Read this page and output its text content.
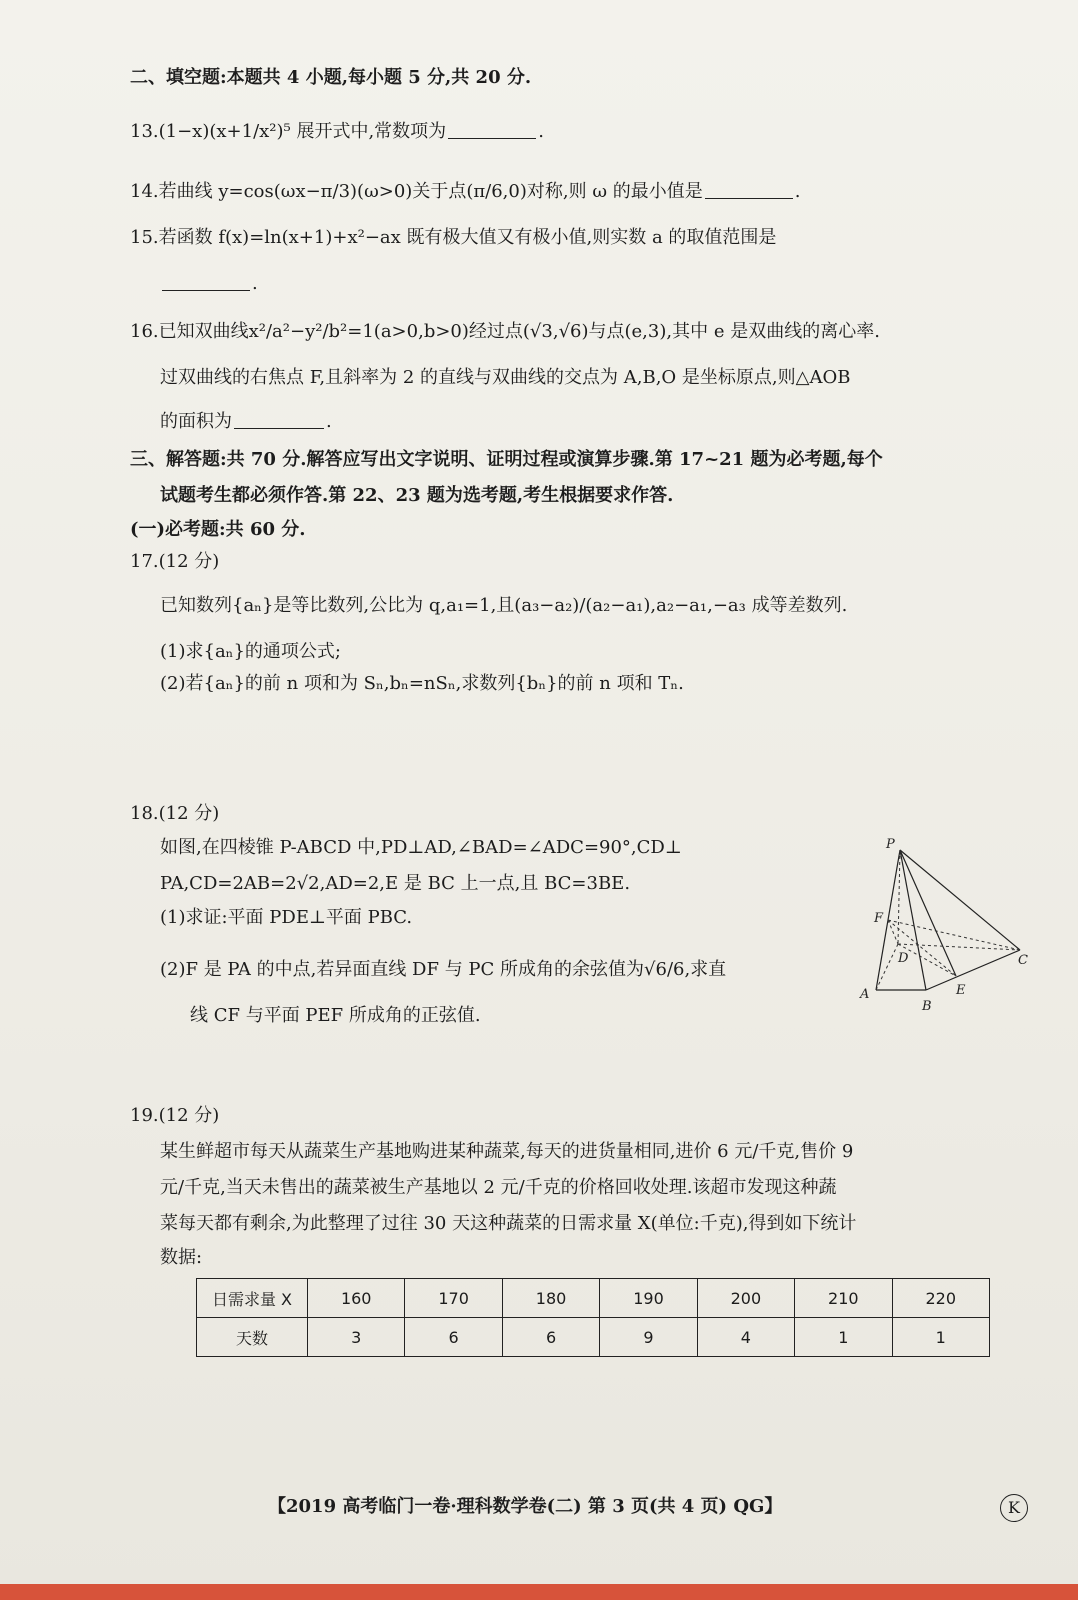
二、填空题:本题共 4 小题,每小题 5 分,共 20 分.
13.(1−x)(x+1/x²)⁵ 展开式中,常数项为	.
14.若曲线 y=cos(ωx−π/3)(ω>0)关于点(π/6,0)对称,则 ω 的最小值是	.
15.若函数 f(x)=ln(x+1)+x²−ax 既有极大值又有极小值,则实数 a 的取值范围是
.
16.已知双曲线x²/a²−y²/b²=1(a>0,b>0)经过点(√3,√6)与点(e,3),其中 e 是双曲线的离心率.
过双曲线的右焦点 F,且斜率为 2 的直线与双曲线的交点为 A,B,O 是坐标原点,则△AOB
的面积为	.
三、解答题:共 70 分.解答应写出文字说明、证明过程或演算步骤.第 17~21 题为必考题,每个
试题考生都必须作答.第 22、23 题为选考题,考生根据要求作答.
(一)必考题:共 60 分.
17.(12 分)
已知数列{aₙ}是等比数列,公比为 q,a₁=1,且(a₃−a₂)/(a₂−a₁),a₂−a₁,−a₃ 成等差数列.
(1)求{aₙ}的通项公式;
(2)若{aₙ}的前 n 项和为 Sₙ,bₙ=nSₙ,求数列{bₙ}的前 n 项和 Tₙ.
18.(12 分)
如图,在四棱锥 P-ABCD 中,PD⊥AD,∠BAD=∠ADC=90°,CD⊥
PA,CD=2AB=2√2,AD=2,E 是 BC 上一点,且 BC=3BE.
(1)求证:平面 PDE⊥平面 PBC.
(2)F 是 PA 的中点,若异面直线 DF 与 PC 所成角的余弦值为√6/6,求直
线 CF 与平面 PEF 所成角的正弦值.
P
F
D	C
A
B
E
19.(12 分)
某生鲜超市每天从蔬菜生产基地购进某种蔬菜,每天的进货量相同,进价 6 元/千克,售价 9
元/千克,当天未售出的蔬菜被生产基地以 2 元/千克的价格回收处理.该超市发现这种蔬
菜每天都有剩余,为此整理了过往 30 天这种蔬菜的日需求量 X(单位:千克),得到如下统计
数据:
日需求量 X	160	170	180	190	200	210	220
天数	3	6	6	9	4	1	1
【2019 高考临门一卷·理科数学卷(二) 第 3 页(共 4 页) QG】	K
